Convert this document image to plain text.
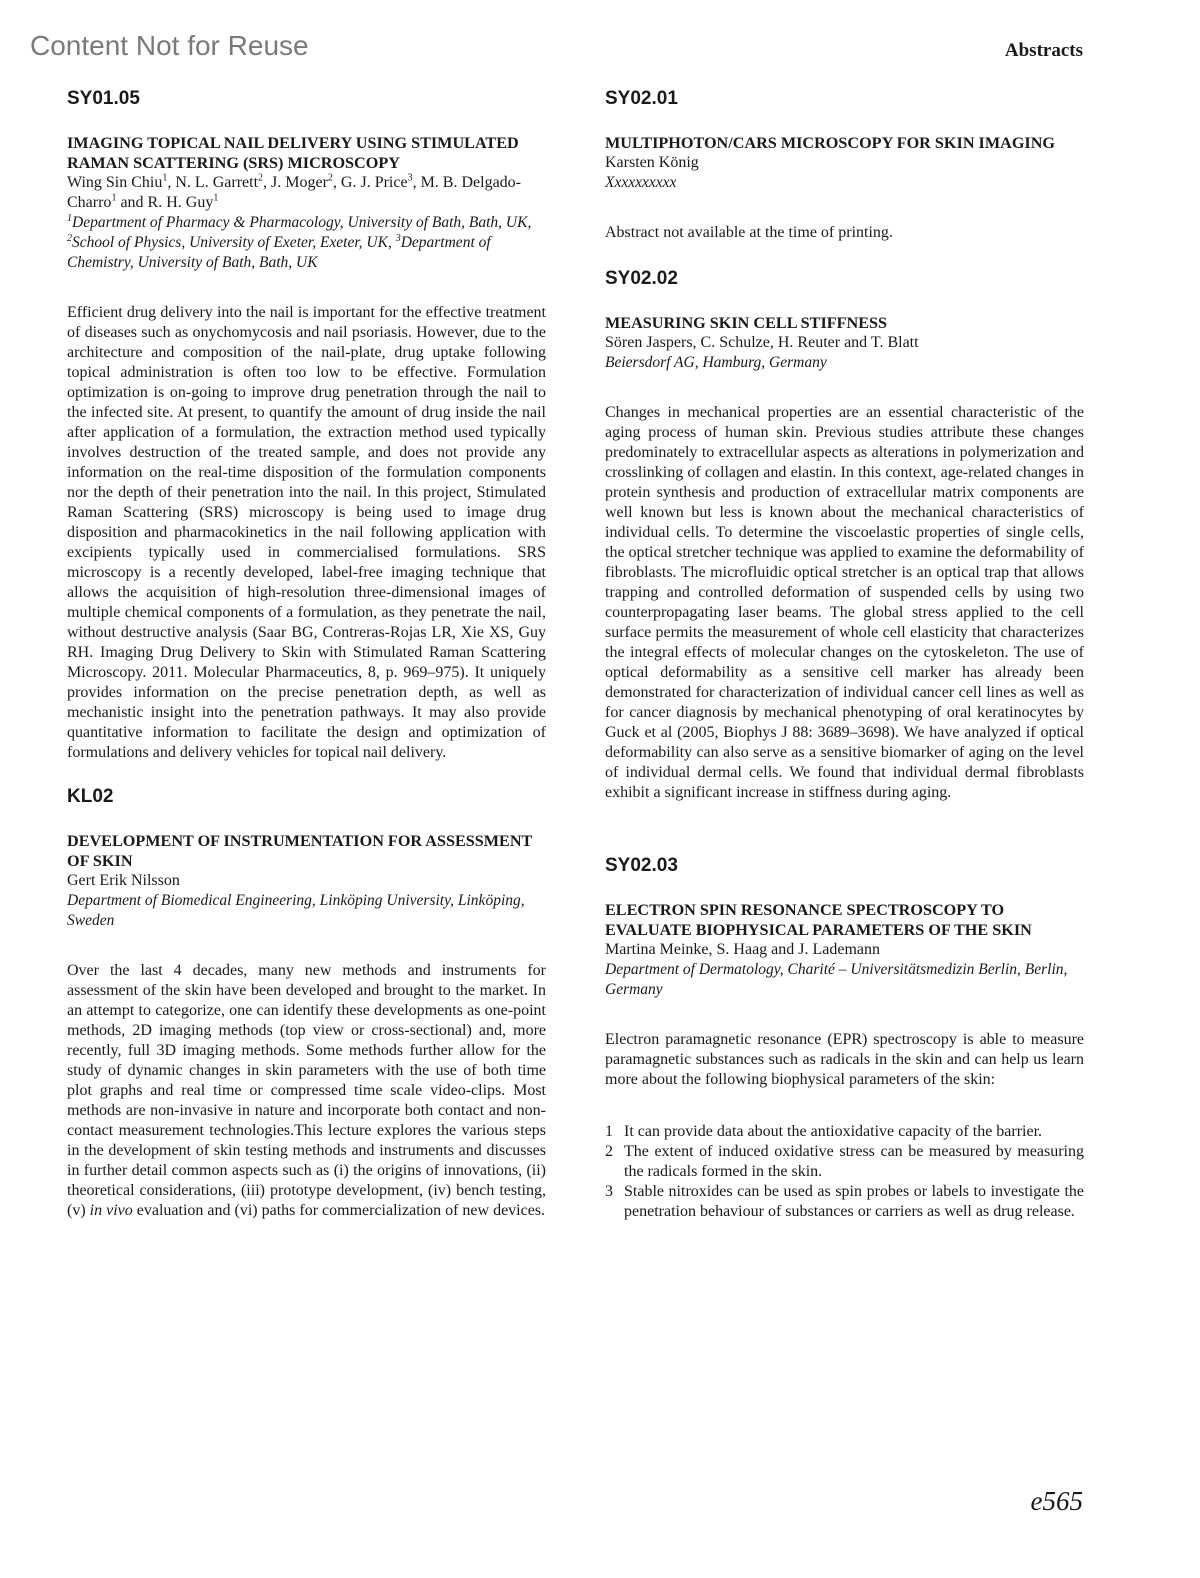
Content Not for Reuse	Abstracts
SY01.05
IMAGING TOPICAL NAIL DELIVERY USING STIMULATED RAMAN SCATTERING (SRS) MICROSCOPY
Wing Sin Chiu$^1$, N. L. Garrett$^2$, J. Moger$^2$, G. J. Price$^3$, M. B. Delgado-Charro$^1$ and R. H. Guy$^1$
$^1$Department of Pharmacy & Pharmacology, University of Bath, Bath, UK, $^2$School of Physics, University of Exeter, Exeter, UK, $^3$Department of Chemistry, University of Bath, Bath, UK
Efficient drug delivery into the nail is important for the effective treatment of diseases such as onychomycosis and nail psoriasis. However, due to the architecture and composition of the nail-plate, drug uptake following topical administration is often too low to be effective. Formulation optimization is on-going to improve drug penetration through the nail to the infected site. At present, to quantify the amount of drug inside the nail after application of a formulation, the extraction method used typically involves destruction of the treated sample, and does not provide any information on the real-time disposition of the formulation components nor the depth of their penetration into the nail. In this project, Stimulated Raman Scattering (SRS) microscopy is being used to image drug disposition and pharmacokinetics in the nail following application with excipients typically used in commercialised formulations. SRS microscopy is a recently developed, label-free imaging technique that allows the acquisition of high-resolution three-dimensional images of multiple chemical components of a formulation, as they penetrate the nail, without destructive analysis (Saar BG, Contreras-Rojas LR, Xie XS, Guy RH. Imaging Drug Delivery to Skin with Stimulated Raman Scattering Microscopy. 2011. Molecular Pharmaceutics, 8, p. 969–975). It uniquely provides information on the precise penetration depth, as well as mechanistic insight into the penetration pathways. It may also provide quantitative information to facilitate the design and optimization of formulations and delivery vehicles for topical nail delivery.
KL02
DEVELOPMENT OF INSTRUMENTATION FOR ASSESSMENT OF SKIN
Gert Erik Nilsson
Department of Biomedical Engineering, Linköping University, Linköping, Sweden
Over the last 4 decades, many new methods and instruments for assessment of the skin have been developed and brought to the market. In an attempt to categorize, one can identify these developments as one-point methods, 2D imaging methods (top view or cross-sectional) and, more recently, full 3D imaging methods. Some methods further allow for the study of dynamic changes in skin parameters with the use of both time plot graphs and real time or compressed time scale video-clips. Most methods are non-invasive in nature and incorporate both contact and non-contact measurement technologies.This lecture explores the various steps in the development of skin testing methods and instruments and discusses in further detail common aspects such as (i) the origins of innovations, (ii) theoretical considerations, (iii) prototype development, (iv) bench testing, (v) in vivo evaluation and (vi) paths for commercialization of new devices.
SY02.01
MULTIPHOTON/CARS MICROSCOPY FOR SKIN IMAGING
Karsten König
Xxxxxxxxxx
Abstract not available at the time of printing.
SY02.02
MEASURING SKIN CELL STIFFNESS
Sören Jaspers, C. Schulze, H. Reuter and T. Blatt
Beiersdorf AG, Hamburg, Germany
Changes in mechanical properties are an essential characteristic of the aging process of human skin. Previous studies attribute these changes predominately to extracellular aspects as alterations in polymerization and crosslinking of collagen and elastin. In this context, age-related changes in protein synthesis and production of extracellular matrix components are well known but less is known about the mechanical characteristics of individual cells. To determine the viscoelastic properties of single cells, the optical stretcher technique was applied to examine the deformability of fibroblasts. The microfluidic optical stretcher is an optical trap that allows trapping and controlled deformation of suspended cells by using two counterpropagating laser beams. The global stress applied to the cell surface permits the measurement of whole cell elasticity that characterizes the integral effects of molecular changes on the cytoskeleton. The use of optical deformability as a sensitive cell marker has already been demonstrated for characterization of individual cancer cell lines as well as for cancer diagnosis by mechanical phenotyping of oral keratinocytes by Guck et al (2005, Biophys J 88: 3689–3698). We have analyzed if optical deformability can also serve as a sensitive biomarker of aging on the level of individual dermal cells. We found that individual dermal fibroblasts exhibit a significant increase in stiffness during aging.
SY02.03
ELECTRON SPIN RESONANCE SPECTROSCOPY TO EVALUATE BIOPHYSICAL PARAMETERS OF THE SKIN
Martina Meinke, S. Haag and J. Lademann
Department of Dermatology, Charité – Universitätsmedizin Berlin, Berlin, Germany
Electron paramagnetic resonance (EPR) spectroscopy is able to measure paramagnetic substances such as radicals in the skin and can help us learn more about the following biophysical parameters of the skin:
1 It can provide data about the antioxidative capacity of the barrier.
2 The extent of induced oxidative stress can be measured by measuring the radicals formed in the skin.
3 Stable nitroxides can be used as spin probes or labels to investigate the penetration behaviour of substances or carriers as well as drug release.
e565
